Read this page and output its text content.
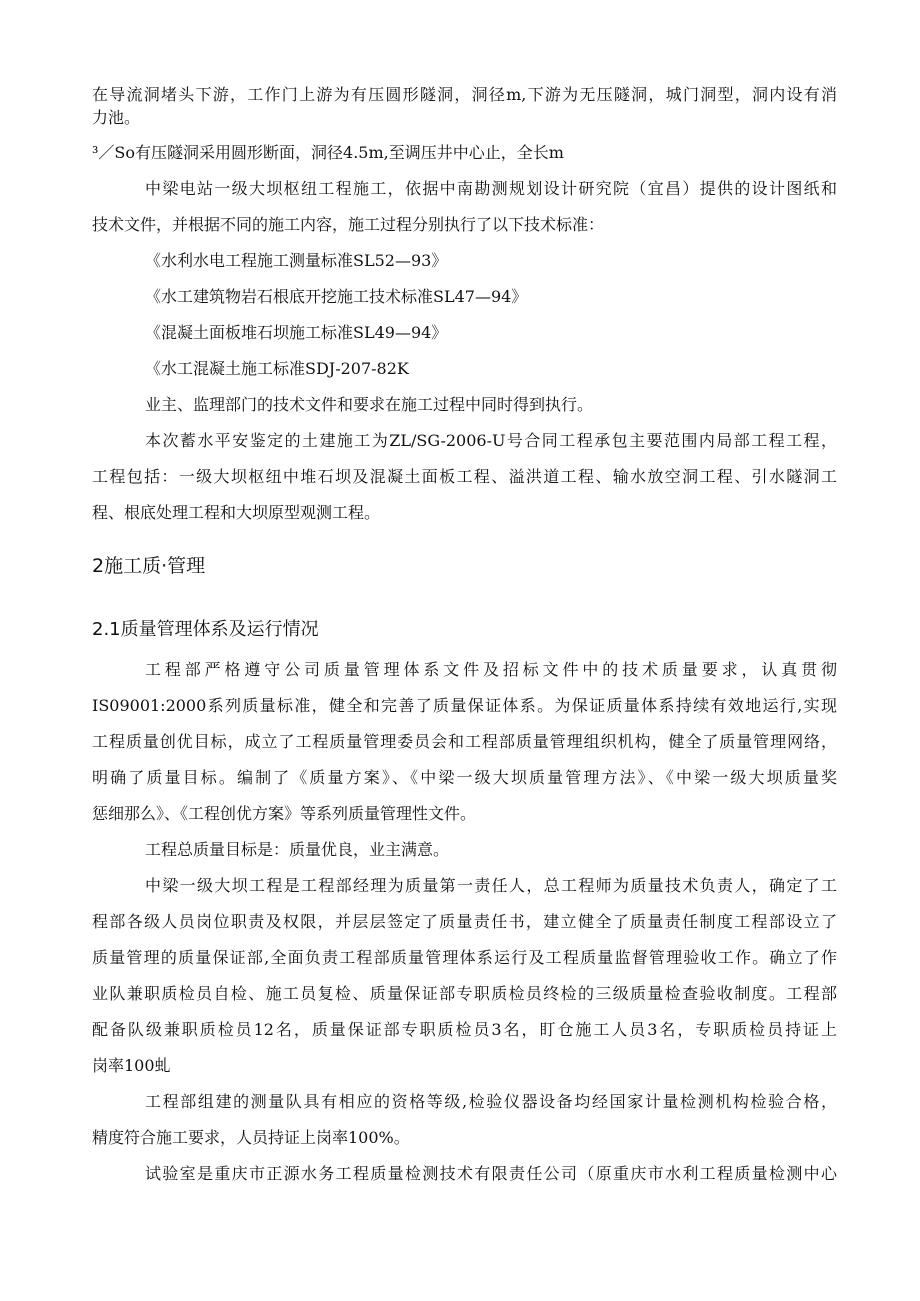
在导流洞堵头下游，工作门上游为有压圆形隧洞，洞径m,下游为无压隧洞，城门洞型，洞内设有消
力池。
³／So有压隧洞采用圆形断面，洞径4.5m,至调压井中心止，全长m
中梁电站一级大坝枢纽工程施工，依据中南勘测规划设计研究院（宜昌）提供的设计图纸和
技术文件，并根据不同的施工内容，施工过程分别执行了以下技术标准：
《水利水电工程施工测量标准SL52—93》
《水工建筑物岩石根底开挖施工技术标准SL47—94》
《混凝土面板堆石坝施工标准SL49—94》
《水工混凝土施工标准SDJ-207-82K
业主、监理部门的技术文件和要求在施工过程中同时得到执行。
本次蓄水平安鉴定的土建施工为ZL/SG-2006-U号合同工程承包主要范围内局部工程工程，
工程包括：一级大坝枢纽中堆石坝及混凝土面板工程、溢洪道工程、输水放空洞工程、引水隧洞工
程、根底处理工程和大坝原型观测工程。
2施工质·管理
2.1质量管理体系及运行情况
工程部严格遵守公司质量管理体系文件及招标文件中的技术质量要求，认真贯彻
IS09001:2000系列质量标准，健全和完善了质量保证体系。为保证质量体系持续有效地运行,实现
工程质量创优目标，成立了工程质量管理委员会和工程部质量管理组织机构，健全了质量管理网络，
明确了质量目标。编制了《质量方案》、《中梁一级大坝质量管理方法》、《中梁一级大坝质量奖
惩细那么》、《工程创优方案》等系列质量管理性文件。
工程总质量目标是：质量优良，业主满意。
中梁一级大坝工程是工程部经理为质量第一责任人，总工程师为质量技术负责人，确定了工
程部各级人员岗位职责及权限，并层层签定了质量责任书，建立健全了质量责任制度工程部设立了
质量管理的质量保证部,全面负责工程部质量管理体系运行及工程质量监督管理验收工作。确立了作
业队兼职质检员自检、施工员复检、质量保证部专职质检员终检的三级质量检查验收制度。工程部
配备队级兼职质检员12名，质量保证部专职质检员3名，盯仓施工人员3名，专职质检员持证上
岗率100虬
工程部组建的测量队具有相应的资格等级,检验仪器设备均经国家计量检测机构检验合格，
精度符合施工要求，人员持证上岗率100%。
试验室是重庆市正源水务工程质量检测技术有限责任公司（原重庆市水利工程质量检测中心
